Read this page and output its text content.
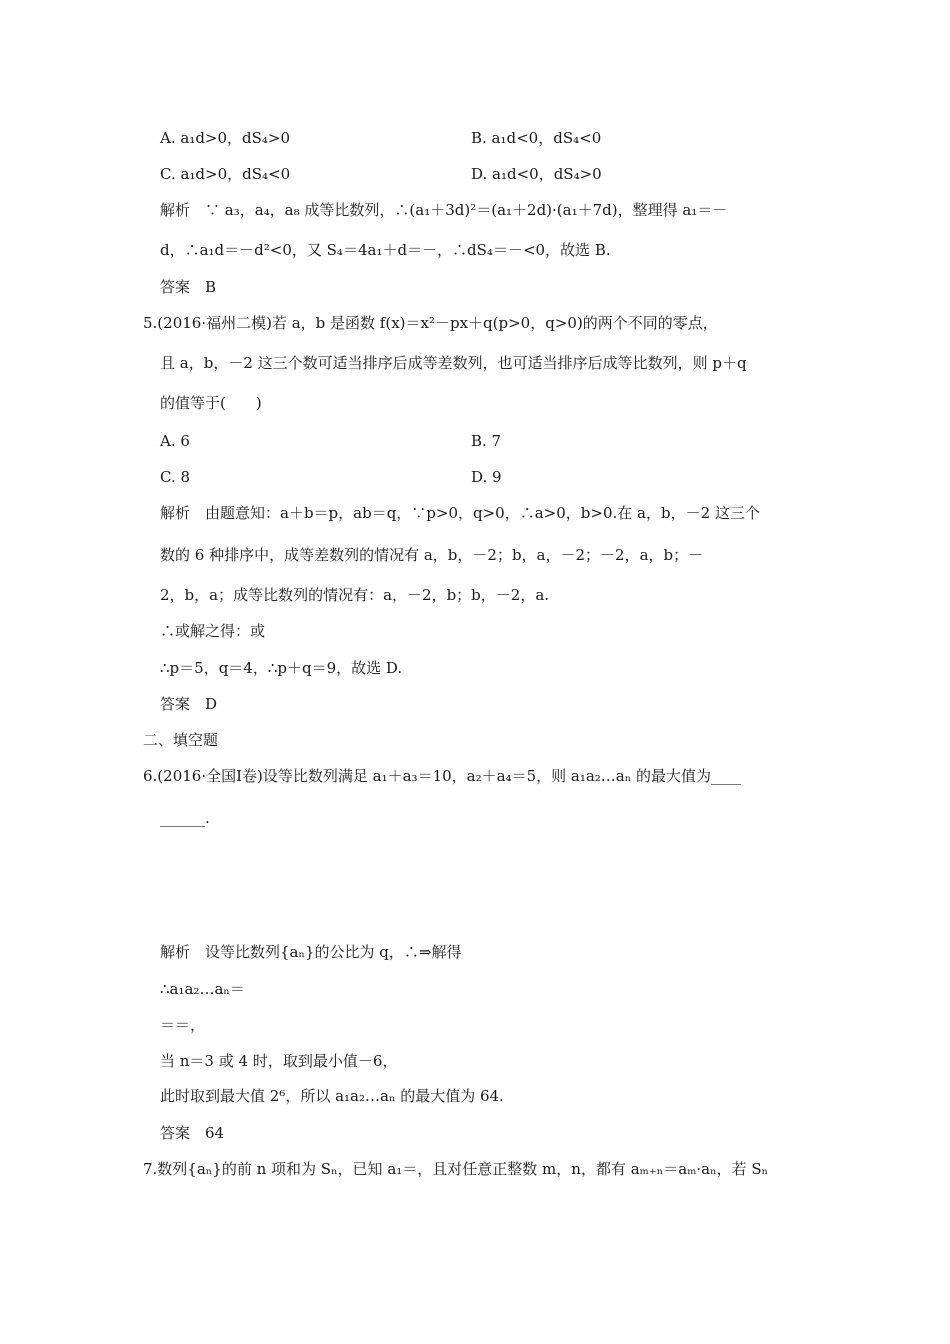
A. a₁d>0，dS₄>0	B. a₁d<0，dS₄<0
C. a₁d>0，dS₄<0	D. a₁d<0，dS₄>0
解析　∵ a₃，a₄，a₈ 成等比数列，∴(a₁＋3d)²＝(a₁＋2d)·(a₁＋7d)，整理得 a₁＝－
d，∴a₁d＝－d²<0，又 S₄＝4a₁＋d＝－，∴dS₄＝－<0，故选 B.
答案　B
5.(2016·福州二模)若 a，b 是函数 f(x)＝x²－px＋q(p>0，q>0)的两个不同的零点，
且 a，b，－2 这三个数可适当排序后成等差数列，也可适当排序后成等比数列，则 p＋q
的值等于(　　)
A. 6	B. 7
C. 8	D. 9
解析　由题意知：a＋b＝p，ab＝q，∵p>0，q>0，∴a>0，b>0.在 a，b，－2 这三个
数的 6 种排序中，成等差数列的情况有 a，b，－2；b，a，－2；－2，a，b；－
2，b，a；成等比数列的情况有：a，－2，b；b，－2，a.
∴或解之得：或
∴p＝5，q＝4，∴p＋q＝9，故选 D.
答案　D
二、填空题
6.(2016·全国Ⅰ卷)设等比数列满足 a₁＋a₃＝10，a₂＋a₄＝5，则 a₁a₂…aₙ 的最大值为____
______.
解析　设等比数列{aₙ}的公比为 q，∴⇒解得
∴a₁a₂…aₙ＝
＝＝，
当 n＝3 或 4 时，取到最小值－6，
此时取到最大值 2⁶，所以 a₁a₂…aₙ 的最大值为 64.
答案　64
7.数列{aₙ}的前 n 项和为 Sₙ，已知 a₁＝，且对任意正整数 m，n，都有 aₘ₊ₙ＝aₘ·aₙ，若 Sₙ
